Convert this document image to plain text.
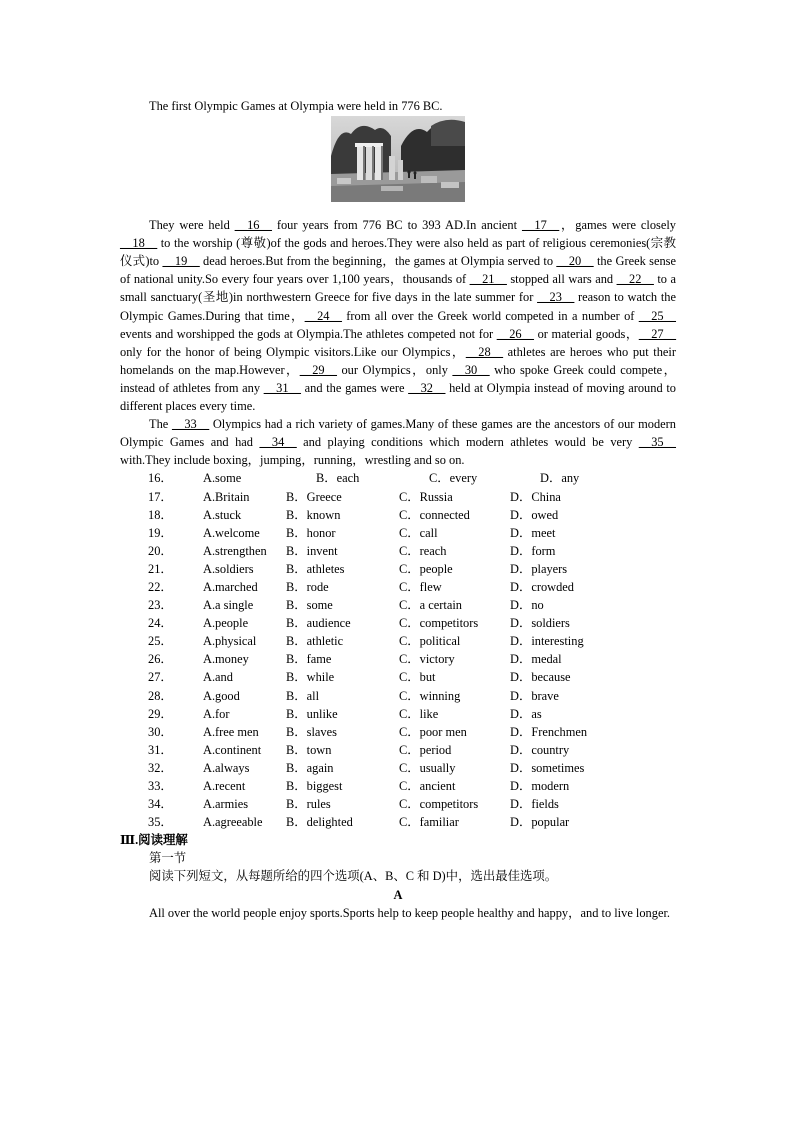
The first Olympic Games at Olympia were held in 776 BC.

They were held __16__ four years from 776 BC to 393 AD.In ancient __17__，games were closely __18__ to the worship (尊敬)of the gods and heroes.They were also held as part of religious ceremonies(宗教仪式)to __19__ dead heroes.But from the beginning，the games at Olympia served to __20__ the Greek sense of national unity.So every four years over 1,100 years，thousands of __21__ stopped all wars and __22__ to a small sanctuary(圣地)in northwestern Greece for five days in the late summer for __23__ reason to watch the Olympic Games.During that time，__24__ from all over the Greek world competed in a number of __25__ events and worshipped the gods at Olympia.The athletes competed not for __26__ or material goods，__27__ only for the honor of being Olympic visitors.Like our Olympics，__28__ athletes are heroes who put their homelands on the map.However，__29__ our Olympics，only __30__ who spoke Greek could compete，instead of athletes from any __31__ and the games were __32__ held at Olympia instead of moving around to different places every time.

The __33__ Olympics had a rich variety of games.Many of these games are the ancestors of our modern Olympic Games and had __34__ and playing conditions which modern athletes would be very __35__ with.They include boxing，jumping，running，wrestling and so on.

16．	A.some	B．each	C．every	D．any
17．	A.Britain	B．Greece	C．Russia	D．China
18．	A.stuck	B．known	C．connected	D．owed
19．	A.welcome	B．honor	C．call	D．meet
20．	A.strengthen	B．invent	C．reach	D．form
21．	A.soldiers	B．athletes	C．people	D．players
22．	A.marched	B．rode	C．flew	D．crowded
23．	A.a single	B．some	C．a certain	D．no
24．	A.people	B．audience	C．competitors	D．soldiers
25．	A.physical	B．athletic	C．political	D．interesting
26．	A.money	B．fame	C．victory	D．medal
27．	A.and	B．while	C．but	D．because
28．	A.good	B．all	C．winning	D．brave
29．	A.for	B．unlike	C．like	D．as
30．	A.free men	B．slaves	C．poor men	D．Frenchmen
31．	A.continent	B．town	C．period	D．country
32．	A.always	B．again	C．usually	D．sometimes
33．	A.recent	B．biggest	C．ancient	D．modern
34．	A.armies	B．rules	C．competitors	D．fields
35．	A.agreeable	B．delighted	C．familiar	D．popular

Ⅲ.阅读理解

第一节

阅读下列短文，从每题所给的四个选项(A、B、C 和 D)中，选出最佳选项。

A

All over the world people enjoy sports.Sports help to keep people healthy and happy，and to live longer.
